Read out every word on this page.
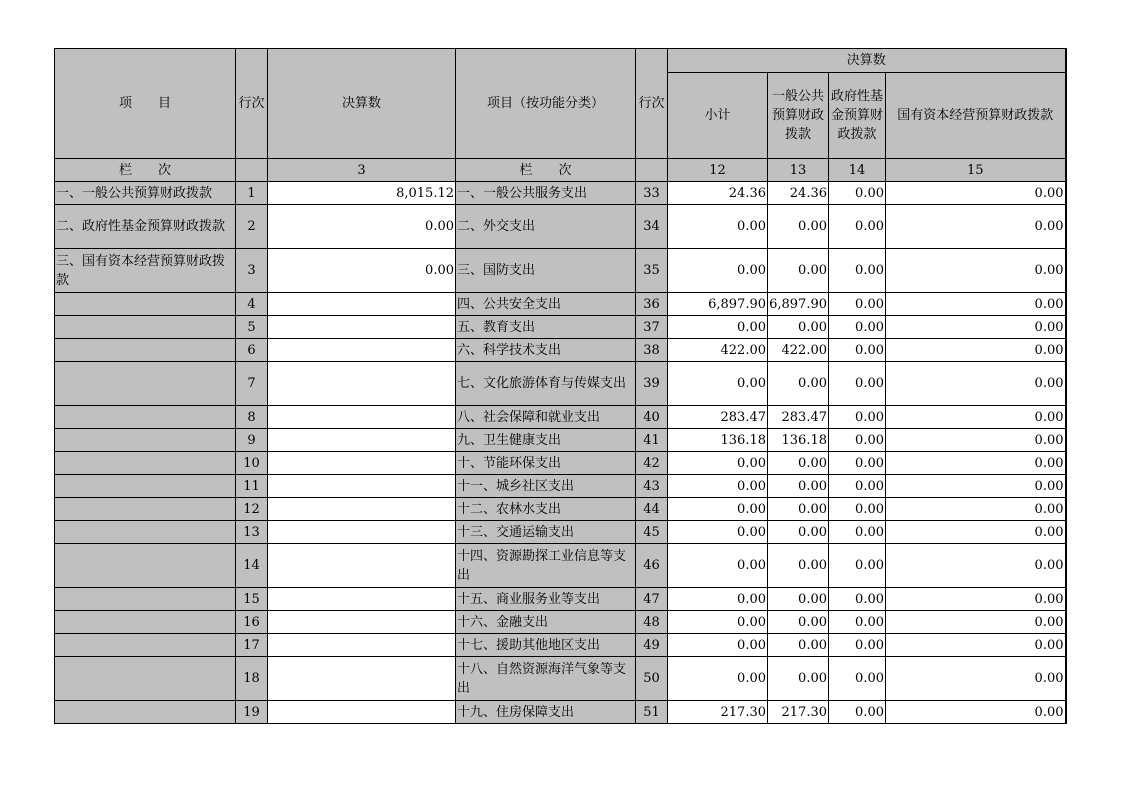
项　　目	行次	决算数	项目（按功能分类）	行次	决算数			
					小计	一般公共预算财政拨款	政府性基金预算财政拨款	国有资本经营预算财政拨款
栏　　次		3	栏　　次		12	13	14	15
一、一般公共预算财政拨款	1	8,015.12	一、一般公共服务支出	33	24.36	24.36	0.00	0.00
二、政府性基金预算财政拨款	2	0.00	二、外交支出	34	0.00	0.00	0.00	0.00
三、国有资本经营预算财政拨款	3	0.00	三、国防支出	35	0.00	0.00	0.00	0.00
	4		四、公共安全支出	36	6,897.90	6,897.90	0.00	0.00
	5		五、教育支出	37	0.00	0.00	0.00	0.00
	6		六、科学技术支出	38	422.00	422.00	0.00	0.00
	7		七、文化旅游体育与传媒支出	39	0.00	0.00	0.00	0.00
	8		八、社会保障和就业支出	40	283.47	283.47	0.00	0.00
	9		九、卫生健康支出	41	136.18	136.18	0.00	0.00
	10		十、节能环保支出	42	0.00	0.00	0.00	0.00
	11		十一、城乡社区支出	43	0.00	0.00	0.00	0.00
	12		十二、农林水支出	44	0.00	0.00	0.00	0.00
	13		十三、交通运输支出	45	0.00	0.00	0.00	0.00
	14		十四、资源勘探工业信息等支出	46	0.00	0.00	0.00	0.00
	15		十五、商业服务业等支出	47	0.00	0.00	0.00	0.00
	16		十六、金融支出	48	0.00	0.00	0.00	0.00
	17		十七、援助其他地区支出	49	0.00	0.00	0.00	0.00
	18		十八、自然资源海洋气象等支出	50	0.00	0.00	0.00	0.00
	19		十九、住房保障支出	51	217.30	217.30	0.00	0.00
